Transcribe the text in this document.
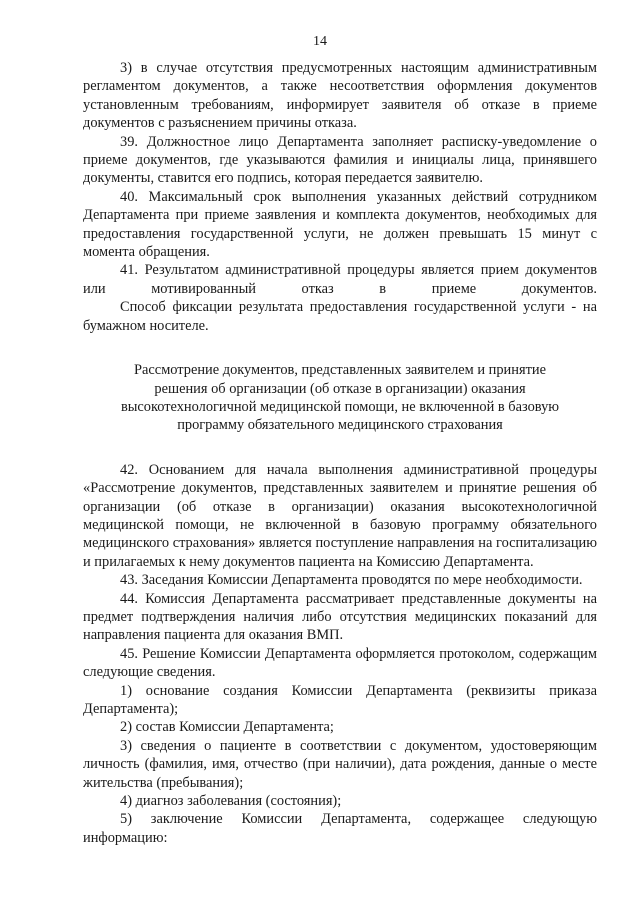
14

3) в случае отсутствия предусмотренных настоящим административным регламентом документов, а также несоответствия оформления документов установленным требованиям, информирует заявителя об отказе в приеме документов с разъяснением причины отказа.

39. Должностное лицо Департамента заполняет расписку-уведомление о приеме документов, где указываются фамилия и инициалы лица, принявшего документы, ставится его подпись, которая передается заявителю.

40. Максимальный срок выполнения указанных действий сотрудником Департамента при приеме заявления и комплекта документов, необходимых для предоставления государственной услуги, не должен превышать 15 минут с момента обращения.

41. Результатом административной процедуры является прием документов или мотивированный отказ в приеме документов.

Способ фиксации результата предоставления государственной услуги - на бумажном носителе.

Рассмотрение документов, представленных заявителем и принятие
решения об организации (об отказе в организации) оказания
высокотехнологичной медицинской помощи, не включенной в базовую
программу обязательного медицинского страхования

42. Основанием для начала выполнения административной процедуры «Рассмотрение документов, представленных заявителем и принятие решения об организации (об отказе в организации) оказания высокотехнологичной медицинской помощи, не включенной в базовую программу обязательного медицинского страхования» является поступление направления на госпитализацию и прилагаемых к нему документов пациента на Комиссию Департамента.

43. Заседания Комиссии Департамента проводятся по мере необходимости.

44. Комиссия Департамента рассматривает представленные документы на предмет подтверждения наличия либо отсутствия медицинских показаний для направления пациента для оказания ВМП.

45. Решение Комиссии Департамента оформляется протоколом, содержащим следующие сведения.

1) основание создания Комиссии Департамента (реквизиты приказа Департамента);

2) состав Комиссии Департамента;

3) сведения о пациенте в соответствии с документом, удостоверяющим личность (фамилия, имя, отчество (при наличии), дата рождения, данные о месте жительства (пребывания);

4) диагноз заболевания (состояния);

5) заключение Комиссии Департамента, содержащее следующую информацию:
